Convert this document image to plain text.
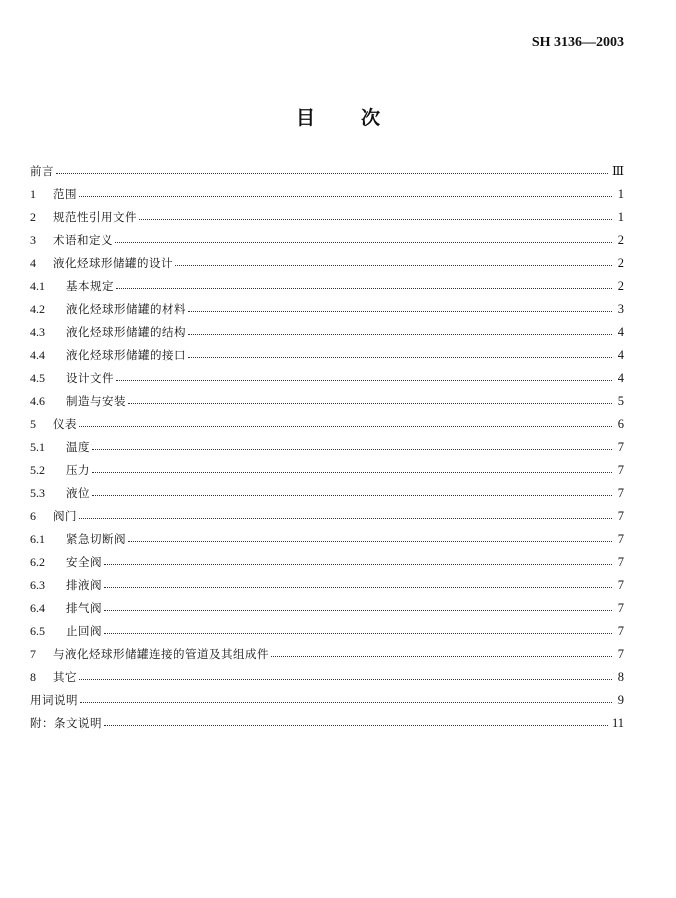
SH 3136—2003
目 次
前言	Ⅲ
1	范围	1
2	规范性引用文件	1
3	术语和定义	2
4	液化烃球形储罐的设计	2
4.1	基本规定	2
4.2	液化烃球形储罐的材料	3
4.3	液化烃球形储罐的结构	4
4.4	液化烃球形储罐的接口	4
4.5	设计文件	4
4.6	制造与安装	5
5	仪表	6
5.1	温度	7
5.2	压力	7
5.3	液位	7
6	阀门	7
6.1	紧急切断阀	7
6.2	安全阀	7
6.3	排液阀	7
6.4	排气阀	7
6.5	止回阀	7
7	与液化烃球形储罐连接的管道及其组成件	7
8	其它	8
用词说明	9
附：条文说明	11
